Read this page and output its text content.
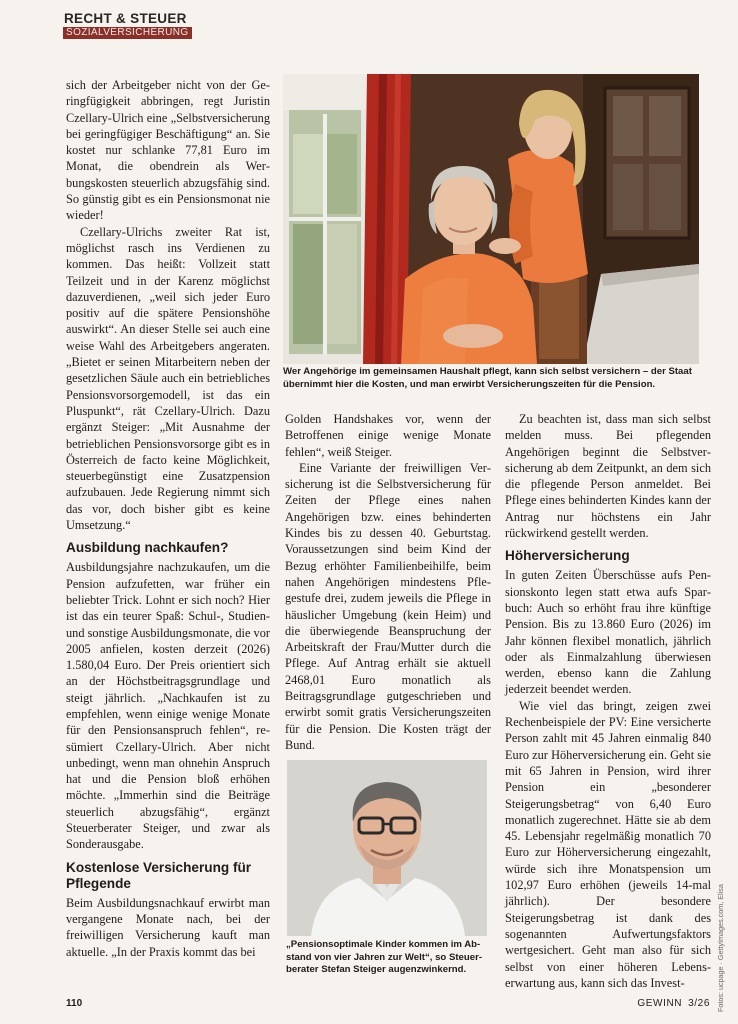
RECHT & STEUER
SOZIALVERSICHERUNG

sich der Arbeitgeber nicht von der Geringfügigkeit abbringen, regt Juristin Czellary-Ulrich eine „Selbstversicherung bei geringfügiger Beschäftigung“ an. Sie kostet nur schlanke 77,81 Euro im Monat, die obendrein als Werbungskosten steuerlich abzugsfähig sind. So günstig gibt es ein Pensionsmonat nie wieder!

Czellary-Ulrichs zweiter Rat ist, möglichst rasch ins Verdienen zu kommen. Das heißt: Vollzeit statt Teilzeit und in der Karenz möglichst dazuverdienen, „weil sich jeder Euro positiv auf die spätere Pensionshöhe auswirkt“. An dieser Stelle sei auch eine weise Wahl des Arbeitgebers angeraten. „Bietet er seinen Mitarbeitern neben der gesetzlichen Säule auch ein betriebliches Pensionsvorsorgemodell, ist das ein Pluspunkt“, rät Czellary-Ulrich. Dazu ergänzt Steiger: „Mit Ausnahme der betrieblichen Pensionsvorsorge gibt es in Österreich de facto keine Möglichkeit, steuerbegünstigt eine Zusatzpension aufzubauen. Jede Regierung nimmt sich das vor, doch bisher gibt es keine Umsetzung.“

Ausbildung nachkaufen?

Ausbildungsjahre nachzukaufen, um die Pension aufzufetten, war früher ein beliebter Trick. Lohnt er sich noch? Hier ist das ein teurer Spaß: Schul-, Studien- und sonstige Ausbildungsmonate, die vor 2005 anfielen, kosten derzeit (2026) 1.580,04 Euro. Der Preis orientiert sich an der Höchstbeitragsgrundlage und steigt jährlich. „Nachkaufen ist zu empfehlen, wenn einige wenige Monate für den Pensionsanspruch fehlen“, resümiert Czellary-Ulrich. Aber nicht unbedingt, wenn man ohnehin Anspruch hat und die Pension bloß erhöhen möchte. „Immerhin sind die Beiträge steuerlich abzugsfähig“, ergänzt Steuerberater Steiger, und zwar als Sonderausgabe.

Kostenlose Versicherung für Pflegende

Beim Ausbildungsnachkauf erwirbt man vergangene Monate nach, bei der freiwilligen Versicherung kauft man aktuelle. „In der Praxis kommt das bei

Wer Angehörige im gemeinsamen Haushalt pflegt, kann sich selbst versichern – der Staat übernimmt hier die Kosten, und man erwirbt Versicherungszeiten für die Pension.

Golden Handshakes vor, wenn der Betroffenen einige wenige Monate fehlen“, weiß Steiger.

Eine Variante der freiwilligen Versicherung ist die Selbstversicherung für Zeiten der Pflege eines nahen Angehörigen bzw. eines behinderten Kindes bis zu dessen 40. Geburtstag. Voraussetzungen sind beim Kind der Bezug erhöhter Familienbeihilfe, beim nahen Angehörigen mindestens Pflegestufe drei, zudem jeweils die Pflege in häuslicher Umgebung (kein Heim) und die überwiegende Beanspruchung der Arbeitskraft der Frau/Mutter durch die Pflege. Auf Antrag erhält sie aktuell 2468,01 Euro monatlich als Beitragsgrundlage gutgeschrieben und erwirbt somit gratis Versicherungszeiten für die Pension. Die Kosten trägt der Bund.

„Pensionsoptimale Kinder kommen im Abstand von vier Jahren zur Welt“, so Steuerberater Stefan Steiger augenzwinkernd.

Zu beachten ist, dass man sich selbst melden muss. Bei pflegenden Angehörigen beginnt die Selbstversicherung ab dem Zeitpunkt, an dem sich die pflegende Person anmeldet. Bei Pflege eines behinderten Kindes kann der Antrag nur höchstens ein Jahr rückwirkend gestellt werden.

Höherversicherung

In guten Zeiten Überschüsse aufs Pensionskonto legen statt etwa aufs Sparbuch: Auch so erhöht frau ihre künftige Pension. Bis zu 13.860 Euro (2026) im Jahr können flexibel monatlich, jährlich oder als Einmalzahlung überwiesen werden, ebenso kann die Zahlung jederzeit beendet werden.

Wie viel das bringt, zeigen zwei Rechenbeispiele der PV: Eine versicherte Person zahlt mit 45 Jahren einmalig 840 Euro zur Höherversicherung ein. Geht sie mit 65 Jahren in Pension, wird ihrer Pension ein „besonderer Steigerungsbetrag“ von 6,40 Euro monatlich zugerechnet. Hätte sie ab dem 45. Lebensjahr regelmäßig monatlich 70 Euro zur Höherversicherung eingezahlt, würde sich ihre Monatspension um 102,97 Euro erhöhen (jeweils 14-mal jährlich). Der besondere Steigerungsbetrag ist dank des sogenannten Aufwertungsfaktors wertgesichert. Geht man also für sich selbst von einer höheren Lebenserwartung aus, kann sich das Invest-	Fotos: ucpage · GettyImages.com, Elisa
110	GEWINN 3/26
